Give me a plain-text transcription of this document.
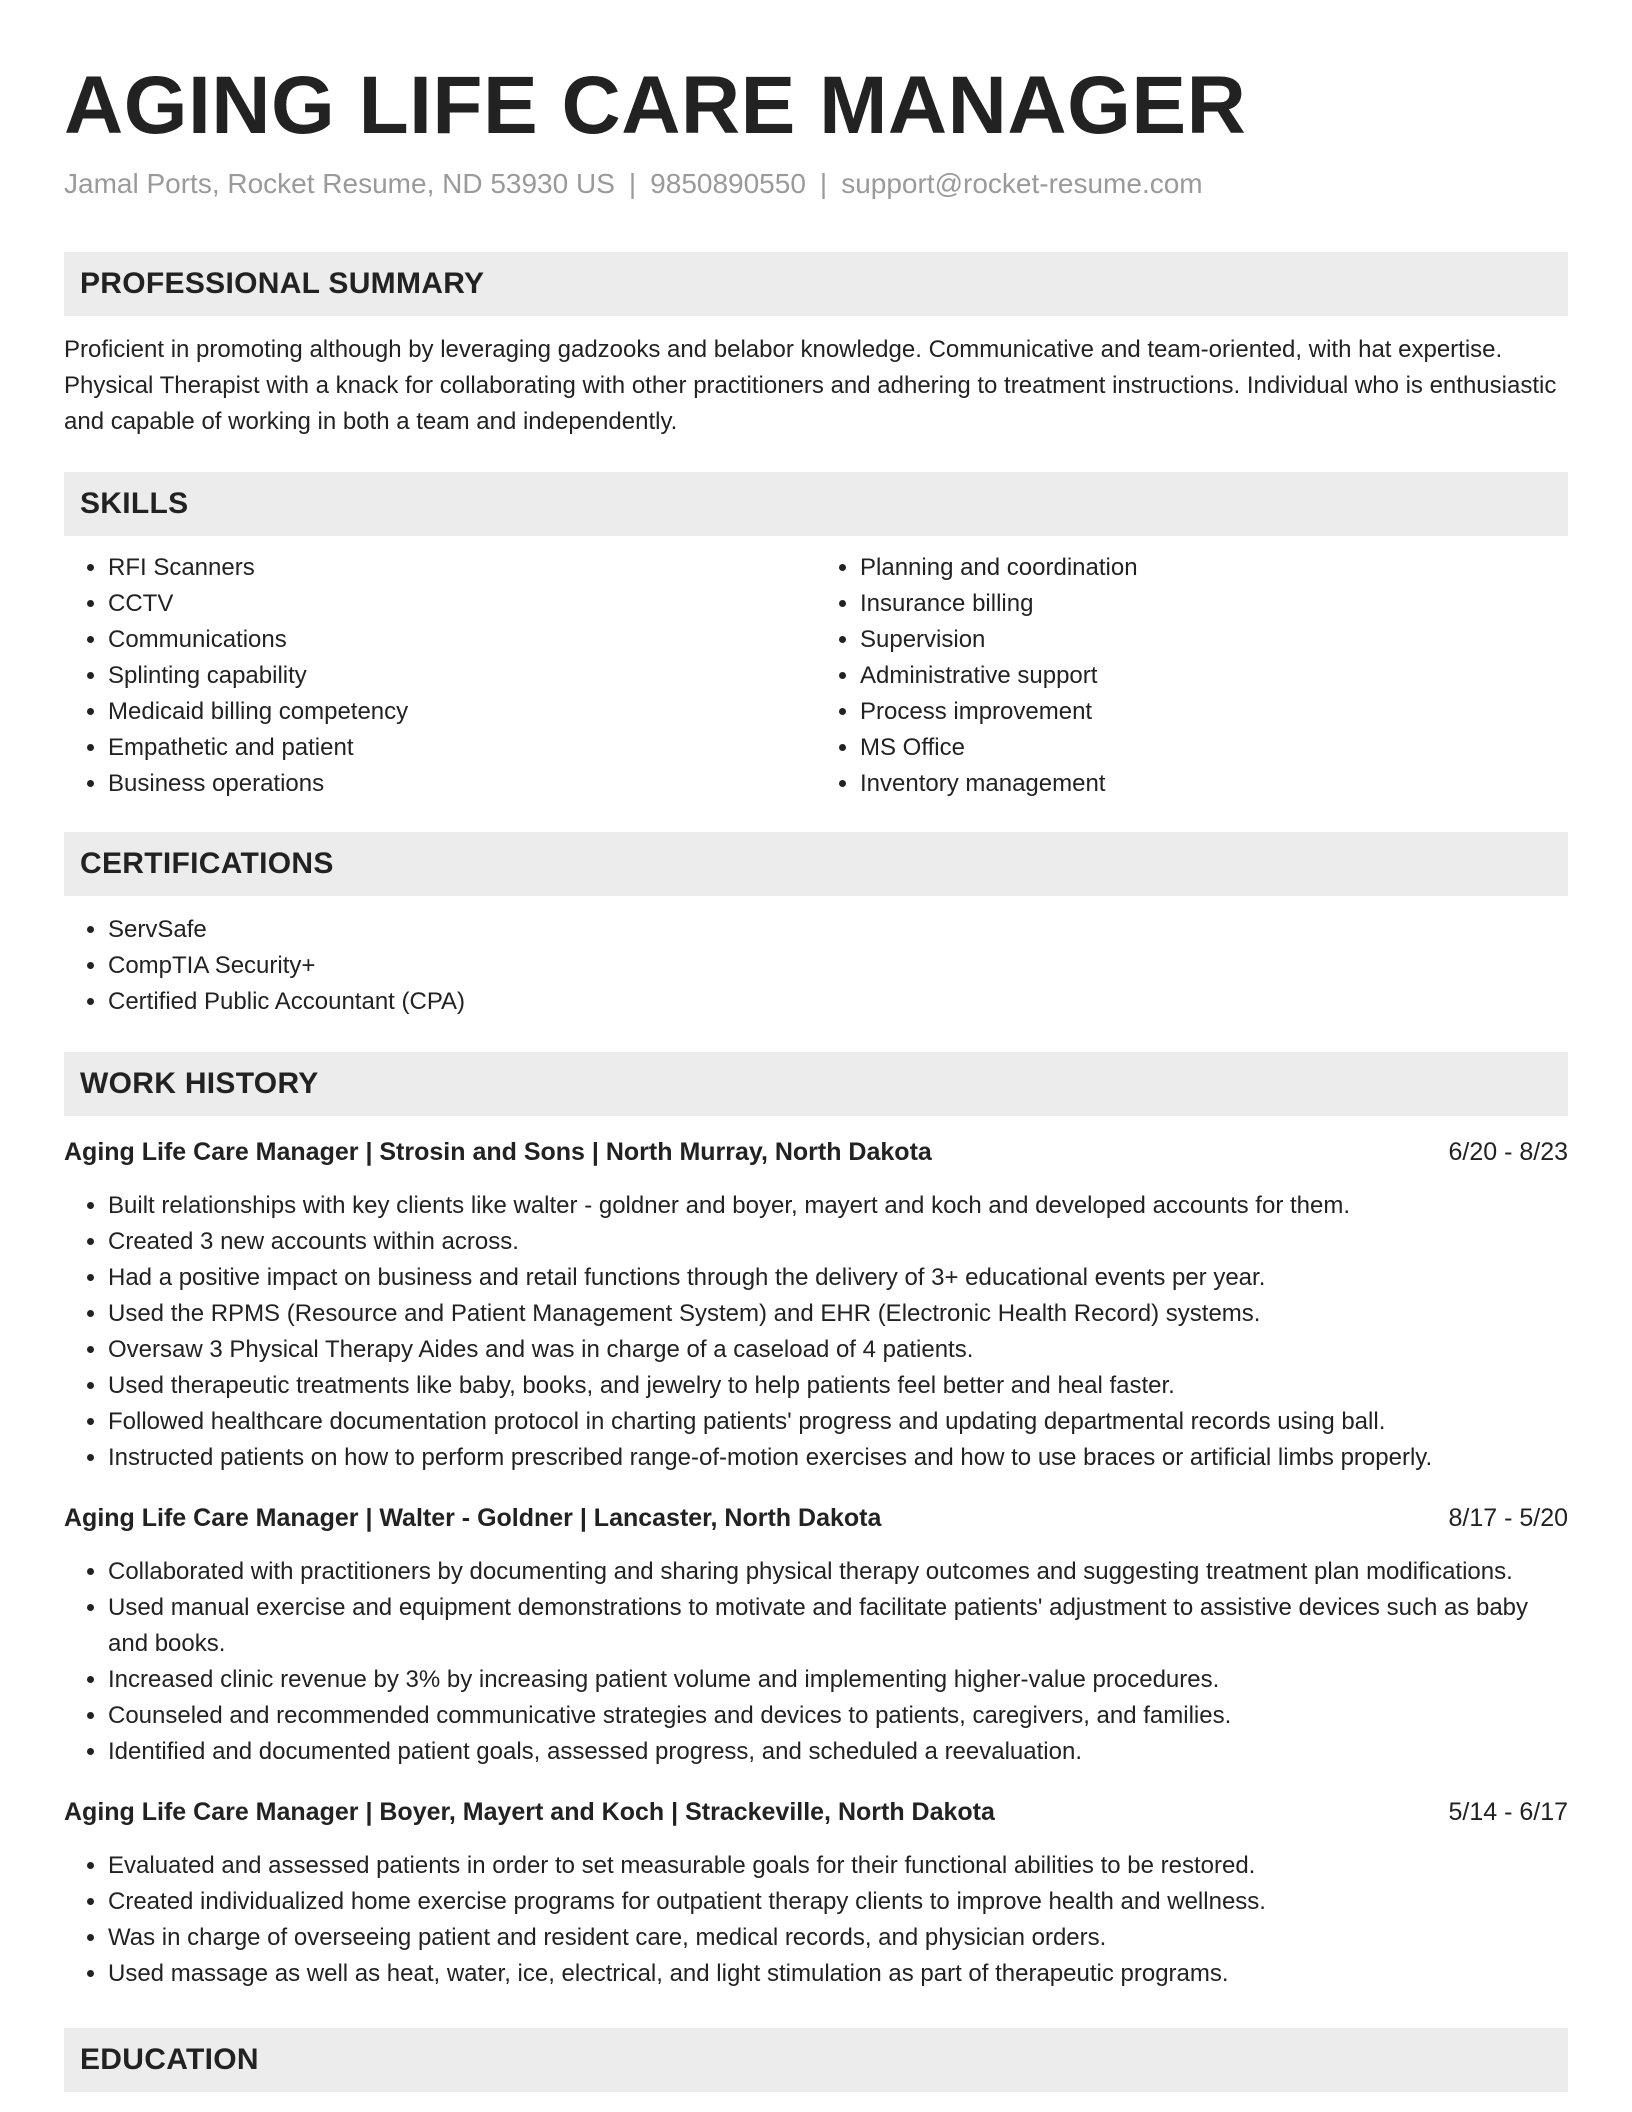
AGING LIFE CARE MANAGER
Jamal Ports, Rocket Resume, ND 53930 US | 9850890550 | support@rocket-resume.com
PROFESSIONAL SUMMARY

Proficient in promoting although by leveraging gadzooks and belabor knowledge. Communicative and team-oriented, with hat expertise. Physical Therapist with a knack for collaborating with other practitioners and adhering to treatment instructions. Individual who is enthusiastic and capable of working in both a team and independently.

SKILLS
• RFI Scanners
• CCTV
• Communications
• Splinting capability
• Medicaid billing competency
• Empathetic and patient
• Business operations
• Planning and coordination
• Insurance billing
• Supervision
• Administrative support
• Process improvement
• MS Office
• Inventory management
CERTIFICATIONS
• ServSafe
• CompTIA Security+
• Certified Public Accountant (CPA)
WORK HISTORY
Aging Life Care Manager | Strosin and Sons | North Murray, North Dakota	6/20 - 8/23
• Built relationships with key clients like walter - goldner and boyer, mayert and koch and developed accounts for them.
• Created 3 new accounts within across.
• Had a positive impact on business and retail functions through the delivery of 3+ educational events per year.
• Used the RPMS (Resource and Patient Management System) and EHR (Electronic Health Record) systems.
• Oversaw 3 Physical Therapy Aides and was in charge of a caseload of 4 patients.
• Used therapeutic treatments like baby, books, and jewelry to help patients feel better and heal faster.
• Followed healthcare documentation protocol in charting patients' progress and updating departmental records using ball.
• Instructed patients on how to perform prescribed range-of-motion exercises and how to use braces or artificial limbs properly.
Aging Life Care Manager | Walter - Goldner | Lancaster, North Dakota	8/17 - 5/20
• Collaborated with practitioners by documenting and sharing physical therapy outcomes and suggesting treatment plan modifications.
• Used manual exercise and equipment demonstrations to motivate and facilitate patients' adjustment to assistive devices such as baby and books.
• Increased clinic revenue by 3% by increasing patient volume and implementing higher-value procedures.
• Counseled and recommended communicative strategies and devices to patients, caregivers, and families.
• Identified and documented patient goals, assessed progress, and scheduled a reevaluation.
Aging Life Care Manager | Boyer, Mayert and Koch | Strackeville, North Dakota	5/14 - 6/17
• Evaluated and assessed patients in order to set measurable goals for their functional abilities to be restored.
• Created individualized home exercise programs for outpatient therapy clients to improve health and wellness.
• Was in charge of overseeing patient and resident care, medical records, and physician orders.
• Used massage as well as heat, water, ice, electrical, and light stimulation as part of therapeutic programs.
EDUCATION
